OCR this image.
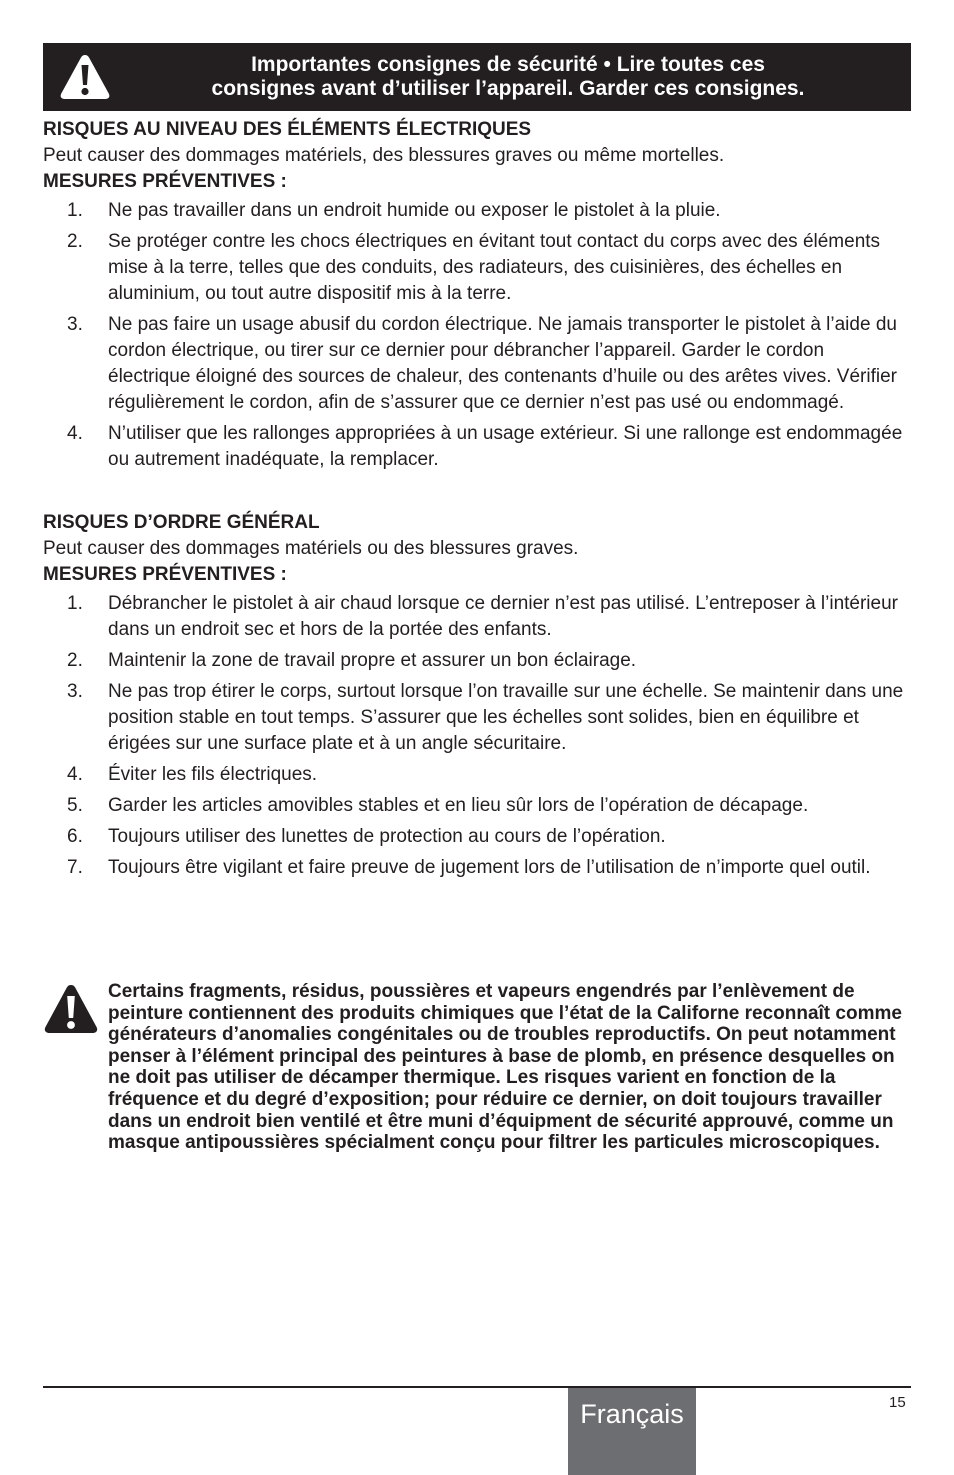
Importantes consignes de sécurité • Lire toutes ces
consignes avant d’utiliser l’appareil. Garder ces consignes.

RISQUES AU NIVEAU DES ÉLÉMENTS ÉLECTRIQUES

Peut causer des dommages matériels, des blessures graves ou même mortelles.

MESURES PRÉVENTIVES :

1. Ne pas travailler dans un endroit humide ou exposer le pistolet à la pluie.
2. Se protéger contre les chocs électriques en évitant tout contact du corps avec des éléments mise à la terre, telles que des conduits, des radiateurs, des cuisinières, des échelles en aluminium, ou tout autre dispositif mis à la terre.
3. Ne pas faire un usage abusif du cordon électrique. Ne jamais transporter le pistolet à l’aide du cordon électrique, ou tirer sur ce dernier pour débrancher l’appareil. Garder le cordon électrique éloigné des sources de chaleur, des contenants d’huile ou des arêtes vives. Vérifier régulièrement le cordon, afin de s’assurer que ce dernier n’est pas usé ou endommagé.
4. N’utiliser que les rallonges appropriées à un usage extérieur. Si une rallonge est endommagée ou autrement inadéquate, la remplacer.

RISQUES D’ORDRE GÉNÉRAL

Peut causer des dommages matériels ou des blessures graves.

MESURES PRÉVENTIVES :

1. Débrancher le pistolet à air chaud lorsque ce dernier n’est pas utilisé. L’entreposer à l’intérieur dans un endroit sec et hors de la portée des enfants.
2. Maintenir la zone de travail propre et assurer un bon éclairage.
3. Ne pas trop étirer le corps, surtout lorsque l’on travaille sur une échelle. Se maintenir dans une position stable en tout temps. S’assurer que les échelles sont solides, bien en équilibre et érigées sur une surface plate et à un angle sécuritaire.
4. Éviter les fils électriques.
5. Garder les articles amovibles stables et en lieu sûr lors de l’opération de décapage.
6. Toujours utiliser des lunettes de protection au cours de l’opération.
7. Toujours être vigilant et faire preuve de jugement lors de l’utilisation de n’importe quel outil.
Certains fragments, résidus, poussières et vapeurs engendrés par l’enlèvement de peinture contiennent des produits chimiques que l’état de la Californe reconnaît comme générateurs d’anomalies congénitales ou de troubles reproductifs. On peut notamment penser à l’élément principal des peintures à base de plomb, en présence desquelles on ne doit pas utiliser de décamper thermique. Les risques varient en fonction de la fréquence et du degré d’exposition; pour réduire ce dernier, on doit toujours travailler dans un endroit bien ventilé et être muni d’équipment de sécurité approuvé, comme un masque antipoussières spécialment conçu pour filtrer les particules microscopiques.
Français	15
